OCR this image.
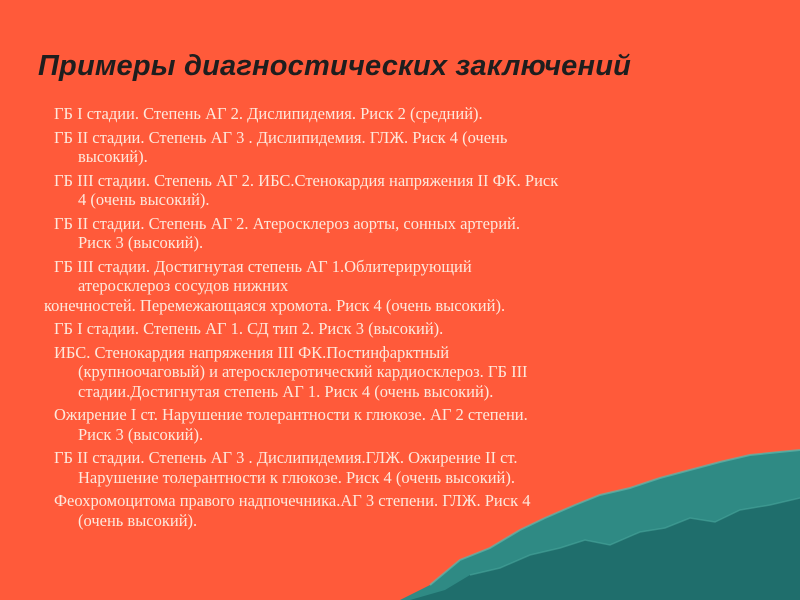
Примеры диагностических заключений
ГБ I стадии. Степень АГ 2. Дислипидемия. Риск 2 (средний).
ГБ II стадии. Степень АГ 3 . Дислипидемия. ГЛЖ. Риск 4 (очень
высокий).
ГБ III стадии. Степень АГ 2. ИБС.Стенокардия напряжения II ФК. Риск
4 (очень высокий).
ГБ II стадии. Степень АГ 2. Атеросклероз аорты, сонных артерий.
Риск 3 (высокий).
ГБ III стадии. Достигнутая степень АГ 1.Облитерирующий
атеросклероз сосудов нижних
конечностей. Перемежающаяся хромота. Риск 4 (очень высокий).
ГБ I стадии. Степень АГ 1. СД тип 2. Риск 3 (высокий).
ИБС. Стенокардия напряжения III ФК.Постинфарктный
(крупноочаговый) и атеросклеротический кардиосклероз. ГБ III
стадии.Достигнутая степень АГ 1. Риск 4 (очень высокий).
Ожирение I ст. Нарушение толерантности к глюкозе. АГ 2 степени.
Риск 3 (высокий).
ГБ II стадии. Степень АГ 3 . Дислипидемия.ГЛЖ. Ожирение II ст.
Нарушение толерантности к глюкозе. Риск 4 (очень высокий).
Феохромоцитома правого надпочечника.АГ 3 степени. ГЛЖ. Риск 4
(очень высокий).
